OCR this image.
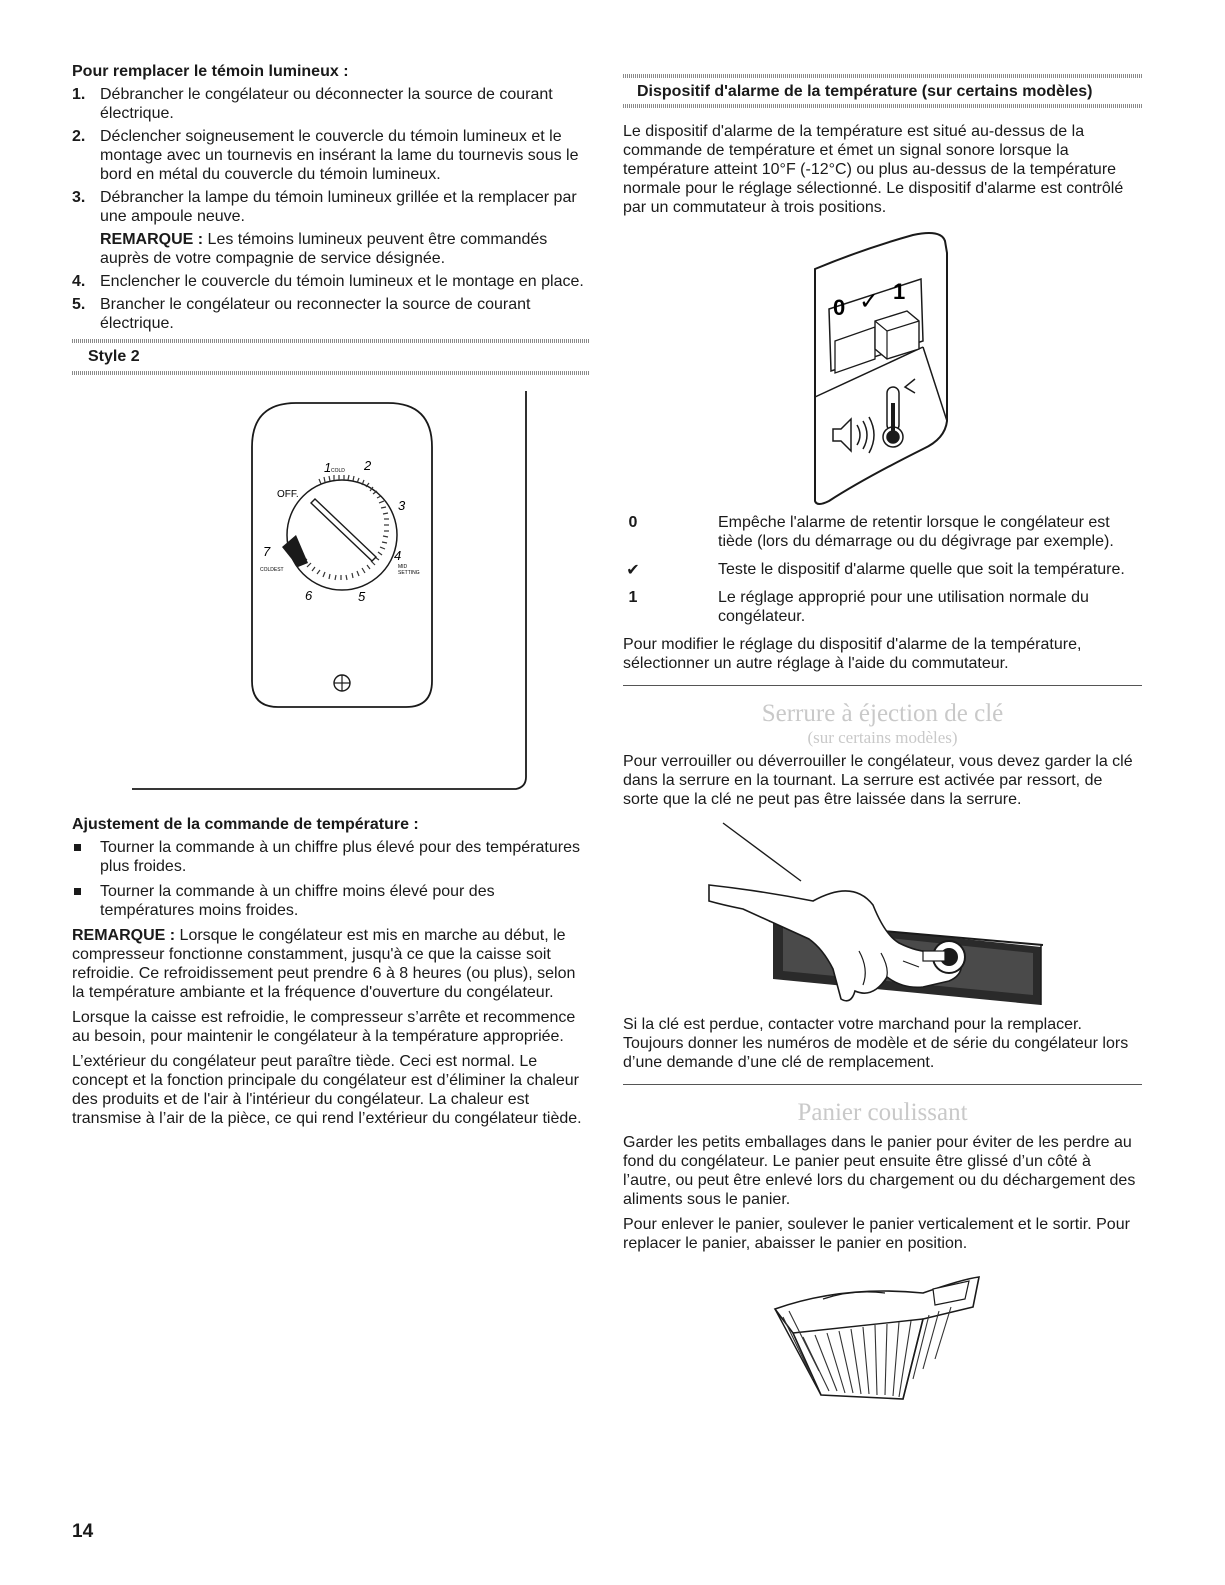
Pour remplacer le témoin lumineux :

1. Débrancher le congélateur ou déconnecter la source de courant électrique.
2. Déclencher soigneusement le couvercle du témoin lumineux et le montage avec un tournevis en insérant la lame du tournevis sous le bord en métal du couvercle du témoin lumineux.
3. Débrancher la lampe du témoin lumineux grillée et la remplacer par une ampoule neuve.

REMARQUE : Les témoins lumineux peuvent être commandés auprès de votre compagnie de service désignée.

4. Enclencher le couvercle du témoin lumineux et le montage en place.
5. Brancher le congélateur ou reconnecter la source de courant électrique.
Style 2
1 COLD 2
3
4
MID
SETTING
5
6
7
COLDEST
OFF.

Ajustement de la commande de température :

Tourner la commande à un chiffre plus élevé pour des températures plus froides.
Tourner la commande à un chiffre moins élevé pour des températures moins froides.

REMARQUE : Lorsque le congélateur est mis en marche au début, le compresseur fonctionne constamment, jusqu'à ce que la caisse soit refroidie. Ce refroidissement peut prendre 6 à 8 heures (ou plus), selon la température ambiante et la fréquence d'ouverture du congélateur.

Lorsque la caisse est refroidie, le compresseur s’arrête et recommence au besoin, pour maintenir le congélateur à la température appropriée.

L’extérieur du congélateur peut paraître tiède. Ceci est normal. Le concept et la fonction principale du congélateur est d’éliminer la chaleur des produits et de l'air à l'intérieur du congélateur. La chaleur est transmise à l’air de la pièce, ce qui rend l’extérieur du congélateur tiède.

Dispositif d'alarme de la température (sur certains modèles)

Le dispositif d'alarme de la température est situé au-dessus de la commande de température et émet un signal sonore lorsque la température atteint 10°F (-12°C) ou plus au-dessus de la température normale pour le réglage sélectionné. Le dispositif d'alarme est contrôlé par un commutateur à trois positions.

0 ✓ 1
0	Empêche l'alarme de retentir lorsque le congélateur est tiède (lors du démarrage ou du dégivrage par exemple).
✔	Teste le dispositif d'alarme quelle que soit la température.
1	Le réglage approprié pour une utilisation normale du congélateur.

Pour modifier le réglage du dispositif d'alarme de la température, sélectionner un autre réglage à l'aide du commutateur.

Serrure à éjection de clé
(sur certains modèles)

Pour verrouiller ou déverrouiller le congélateur, vous devez garder la clé dans la serrure en la tournant. La serrure est activée par ressort, de sorte que la clé ne peut pas être laissée dans la serrure.

Si la clé est perdue, contacter votre marchand pour la remplacer. Toujours donner les numéros de modèle et de série du congélateur lors d’une demande d’une clé de remplacement.

Panier coulissant

Garder les petits emballages dans le panier pour éviter de les perdre au fond du congélateur. Le panier peut ensuite être glissé d’un côté à l’autre, ou peut être enlevé lors du chargement ou du déchargement des aliments sous le panier.

Pour enlever le panier, soulever le panier verticalement et le sortir. Pour replacer le panier, abaisser le panier en position.

14
